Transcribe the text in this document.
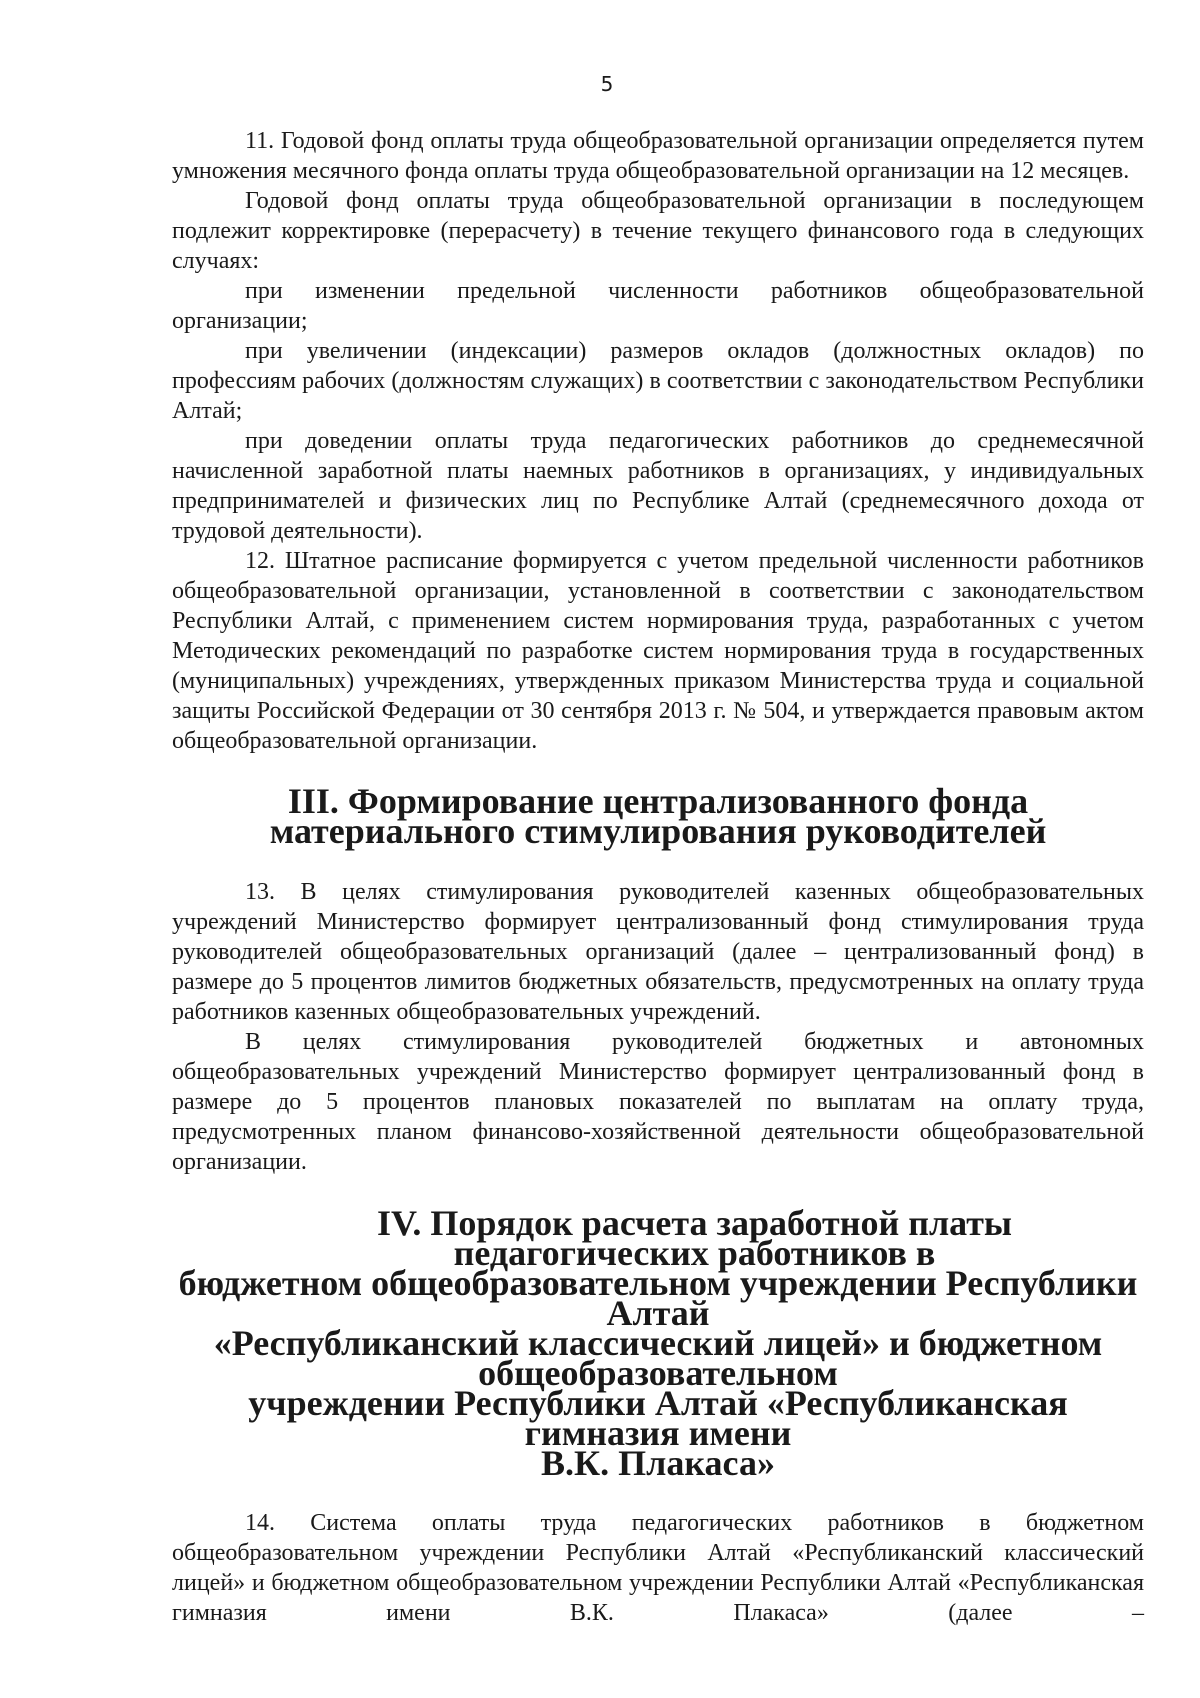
5

11. Годовой фонд оплаты труда общеобразовательной организации определяется путем умножения месячного фонда оплаты труда общеобразовательной организации на 12 месяцев.

Годовой фонд оплаты труда общеобразовательной организации в последующем подлежит корректировке (перерасчету) в течение текущего финансового года в следующих случаях:

при изменении предельной численности работников общеобразовательной организации;

при увеличении (индексации) размеров окладов (должностных окладов) по профессиям рабочих (должностям служащих) в соответствии с законодательством Республики Алтай;

при доведении оплаты труда педагогических работников до среднемесячной начисленной заработной платы наемных работников в организациях, у индивидуальных предпринимателей и физических лиц по Республике Алтай (среднемесячного дохода от трудовой деятельности).

12. Штатное расписание формируется с учетом предельной численности работников общеобразовательной организации, установленной в соответствии с законодательством Республики Алтай, с применением систем нормирования труда, разработанных с учетом Методических рекомендаций по разработке систем нормирования труда в государственных (муниципальных) учреждениях, утвержденных приказом Министерства труда и социальной защиты Российской Федерации от 30 сентября 2013 г. № 504, и утверждается правовым актом общеобразовательной организации.

III. Формирование централизованного фонда
материального стимулирования руководителей

13. В целях стимулирования руководителей казенных общеобразовательных учреждений Министерство формирует централизованный фонд стимулирования труда руководителей общеобразовательных организаций (далее – централизованный фонд) в размере до 5 процентов лимитов бюджетных обязательств, предусмотренных на оплату труда работников казенных общеобразовательных учреждений.

В целях стимулирования руководителей бюджетных и автономных общеобразовательных учреждений Министерство формирует централизованный фонд в размере до 5 процентов плановых показателей по выплатам на оплату труда, предусмотренных планом финансово-хозяйственной деятельности общеобразовательной организации.

IV. Порядок расчета заработной платы педагогических работников в
бюджетном общеобразовательном учреждении Республики Алтай
«Республиканский классический лицей» и бюджетном общеобразовательном
учреждении Республики Алтай «Республиканская гимназия имени
В.К. Плакаса»

14. Система оплаты труда педагогических работников в бюджетном общеобразовательном учреждении Республики Алтай «Республиканский классический лицей» и бюджетном общеобразовательном учреждении Республики Алтай «Республиканская гимназия имени В.К. Плакаса» (далее –
